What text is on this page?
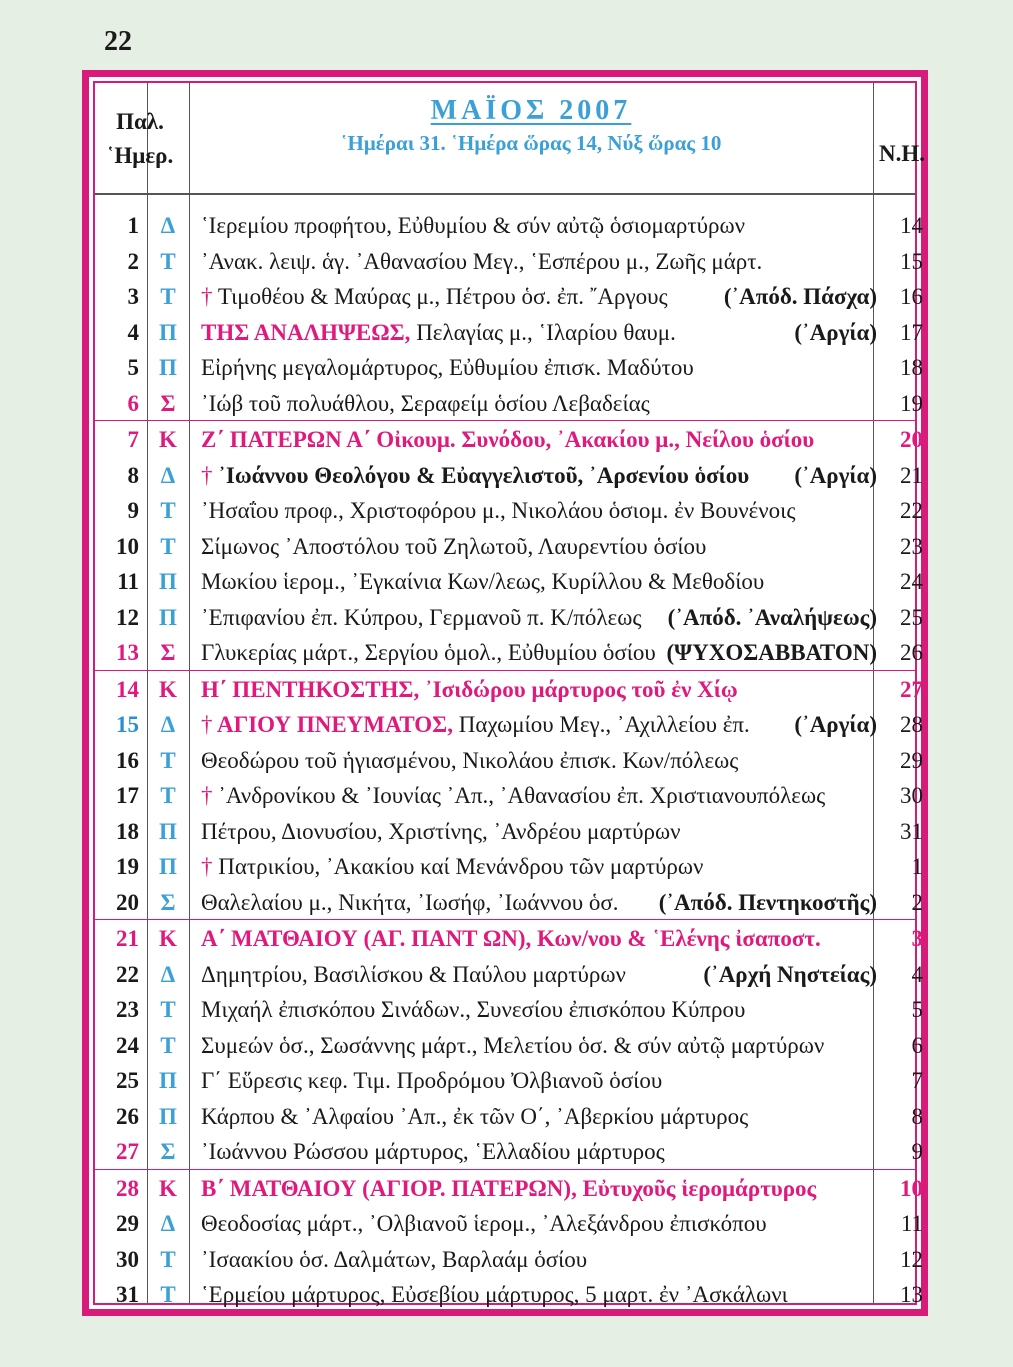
22
Παλ.
῾Ημερ.
ΜΑΪΟΣ 2007
῾Ημέραι 31. ῾Ημέρα ὥρας 14, Νύξ ὥρας 10	Ν.Η.
1 Δ	῾Ιερεμίου προφήτου, Εὐθυμίου & σύν αὐτῷ ὁσιομαρτύρων	14
2 Τ	᾿Ανακ. λειψ. ἁγ. ᾿Αθανασίου Μεγ., ῾Εσπέρου μ., Ζωῆς μάρτ.	15
3 Τ	† Τιμοθέου & Μαύρας μ., Πέτρου ὁσ. ἐπ. ῎Αργους (᾿Απόδ. Πάσχα)	16
4 Π	ΤΗΣ ΑΝΑΛΗΨΕΩΣ, Πελαγίας μ., ῾Ιλαρίου θαυμ.	(᾿Αργία)	17
5 Π	Εἰρήνης μεγαλομάρτυρος, Εὐθυμίου ἐπισκ. Μαδύτου	18
6 Σ	᾿Ιώβ τοῦ πολυάθλου, Σεραφείμ ὁσίου Λεβαδείας	19
7 Κ	Ζ΄ ΠΑΤΕΡΩΝ Α΄ Οἰκουμ. Συνόδου, ᾿Ακακίου μ., Νείλου ὁσίου	20
8 Δ	† ᾿Ιωάννου Θεολόγου & Εὐαγγελιστοῦ, ᾿Αρσενίου ὁσίου (᾿Αργία)	21
9 Τ	᾿Ησαΐου προφ., Χριστοφόρου μ., Νικολάου ὁσιομ. ἐν Βουνένοις	22
10 Τ	Σίμωνος ᾿Αποστόλου τοῦ Ζηλωτοῦ, Λαυρεντίου ὁσίου	23
11 Π	Μωκίου ἱερομ., ᾿Εγκαίνια Κων/λεως, Κυρίλλου & Μεθοδίου	24
12 Π	᾿Επιφανίου ἐπ. Κύπρου, Γερμανοῦ π. Κ/πόλεως (᾿Απόδ. ᾿Αναλήψεως)	25
13 Σ	Γλυκερίας μάρτ., Σεργίου ὁμολ., Εὐθυμίου ὁσίου (ΨΥΧΟΣΑΒΒΑΤΟΝ)	26
14 Κ	Η΄ ΠΕΝΤΗΚΟΣΤΗΣ, ᾿Ισιδώρου μάρτυρος τοῦ ἐν Χίῳ	27
15 Δ	† ΑΓΙΟΥ ΠΝΕΥΜΑΤΟΣ, Παχωμίου Μεγ., ᾿Αχιλλείου ἐπ. (᾿Αργία)	28
16 Τ	Θεοδώρου τοῦ ἡγιασμένου, Νικολάου ἐπισκ. Κων/πόλεως	29
17 Τ	† ᾿Ανδρονίκου & ᾿Ιουνίας ᾿Απ., ᾿Αθανασίου ἐπ. Χριστιανουπόλεως	30
18 Π	Πέτρου, Διονυσίου, Χριστίνης, ᾿Ανδρέου μαρτύρων	31
19 Π	† Πατρικίου, ᾿Ακακίου καί Μενάνδρου τῶν μαρτύρων	1
20 Σ	Θαλελαίου μ., Νικήτα, ᾿Ιωσήφ, ᾿Ιωάννου ὁσ. (᾿Απόδ. Πεντηκοστῆς)	2
21 Κ	Α΄ ΜΑΤΘΑΙΟΥ (ΑΓ. ΠΑΝΤ ΩΝ), Κων/νου & ῾Ελένης ἰσαποστ.	3
22 Δ	Δημητρίου, Βασιλίσκου & Παύλου μαρτύρων	(᾿Αρχή Νηστείας)	4
23 Τ	Μιχαήλ ἐπισκόπου Σινάδων., Συνεσίου ἐπισκόπου Κύπρου	5
24 Τ	Συμεών ὁσ., Σωσάννης μάρτ., Μελετίου ὁσ. & σύν αὐτῷ μαρτύρων	6
25 Π	Γ΄ Εὕρεσις κεφ. Τιμ. Προδρόμου Ὀλβιανοῦ ὁσίου	7
26 Π	Κάρπου & ᾿Αλφαίου ᾿Απ., ἐκ τῶν Ο΄, ᾿Αβερκίου μάρτυρος	8
27 Σ	᾿Ιωάννου Ρώσσου μάρτυρος, ῾Ελλαδίου μάρτυρος	9
28 Κ	Β΄ ΜΑΤΘΑΙΟΥ (ΑΓΙΟΡ. ΠΑΤΕΡΩΝ), Εὐτυχοῦς ἱερομάρτυρος	10
29 Δ	Θεοδοσίας μάρτ., ᾿Ολβιανοῦ ἱερομ., ᾿Αλεξάνδρου ἐπισκόπου	11
30 Τ	᾿Ισαακίου ὁσ. Δαλμάτων, Βαρλαάμ ὁσίου	12
31 Τ	῾Ερμείου μάρτυρος, Εὐσεβίου μάρτυρος, 5 μαρτ. ἐν ᾿Ασκάλωνι	13
